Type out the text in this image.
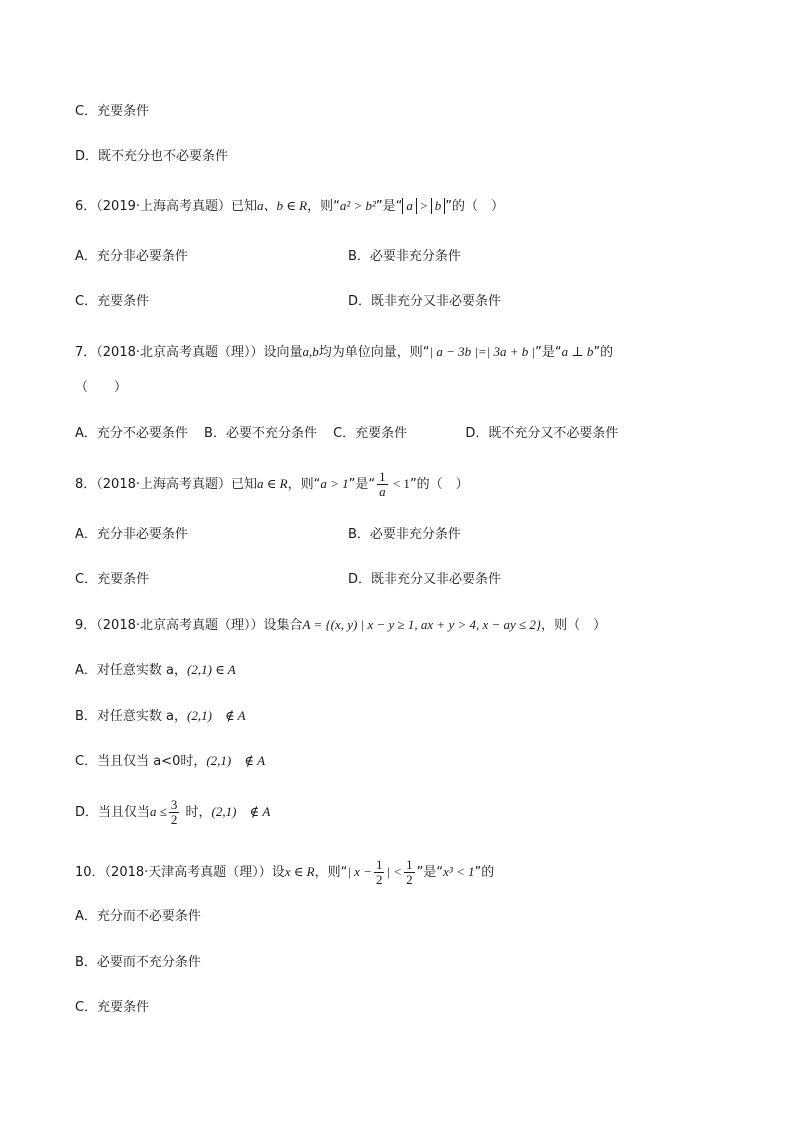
C．充要条件
D．既不充分也不必要条件
6．（2019·上海高考真题）已知a、b ∈ R，则“a² > b²”是“ a > b ”的（　）
A．充分非必要条件	B．必要非充分条件
C．充要条件	D．既非充分又非必要条件
7．（2018·北京高考真题（理））设向量a,b均为单位向量，则“| a − 3b |=| 3a + b |”是“a ⊥ b”的
（　　）
A．充分不必要条件 B．必要不充分条件 C．充要条件	D．既不充分又不必要条件
8．（2018·上海高考真题）已知a ∈ R，则“a > 1”是“ $\frac{1}{a} < 1$”的（　）
A．充分非必要条件	B．必要非充分条件
C．充要条件	D．既非充分又非必要条件
9．（2018·北京高考真题（理））设集合A = {(x, y) | x − y ≥ 1, ax + y > 4, x − ay ≤ 2}，则（　）
A．对任意实数 a，(2,1) ∈ A
B．对任意实数 a，(2,1)　∉ A
C．当且仅当 a<0时，(2,1)　∉ A
D．当且仅当$a \le \frac{3}{2}$ 时，(2,1)　∉ A
10．（2018·天津高考真题（理））设x ∈ R，则“| $x - \frac{1}{2}$ | < $\frac{1}{2}$ ”是“x³ < 1”的
A．充分而不必要条件
B．必要而不充分条件
C．充要条件
